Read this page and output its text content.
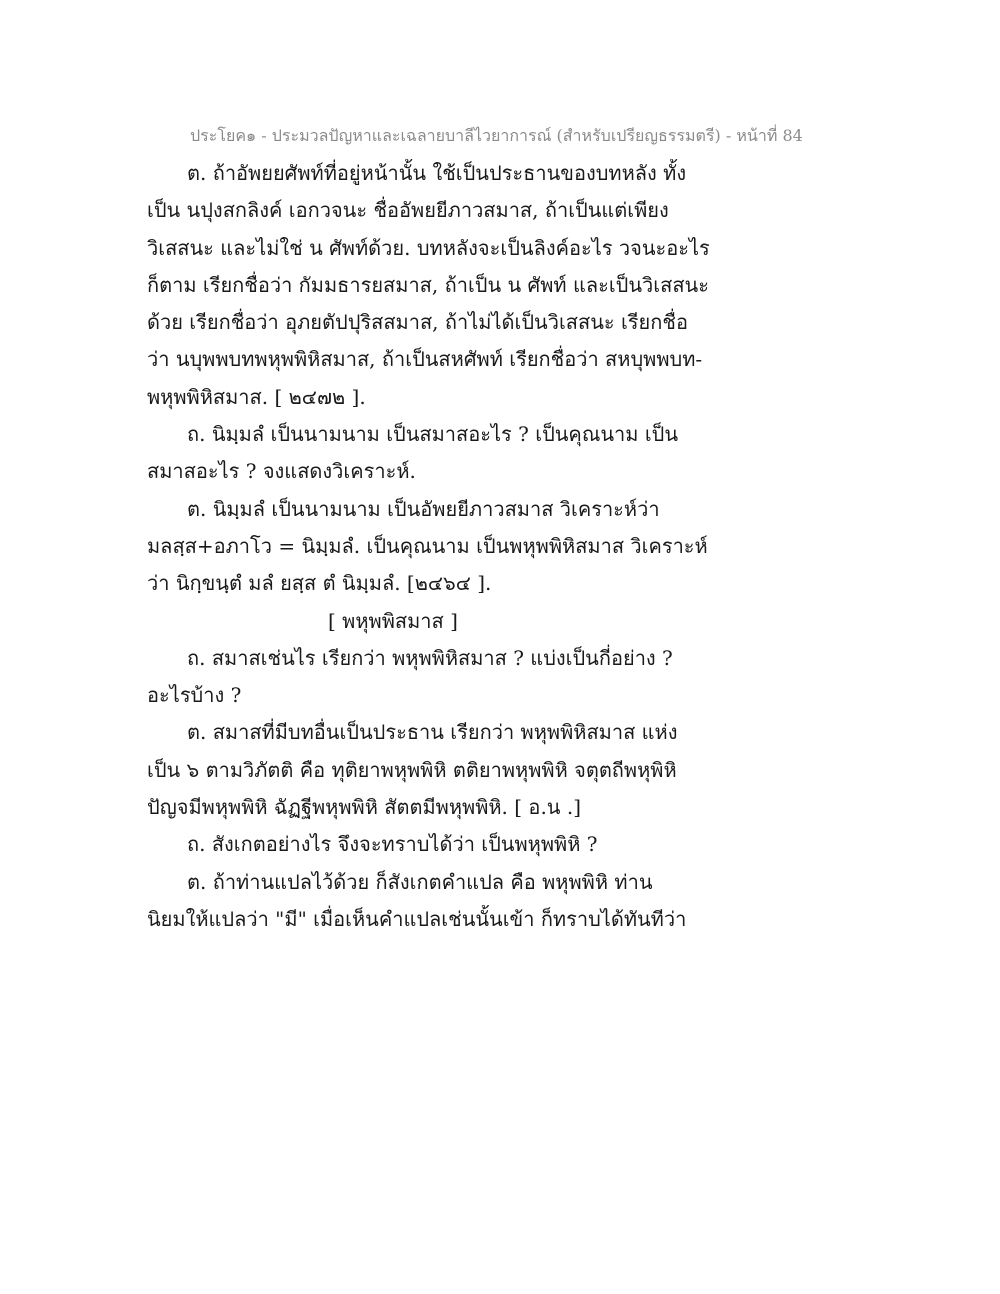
ประโยค๑ - ประมวลปัญหาและเฉลายบาลีไวยาการณ์ (สำหรับเปรียญธรรมตรี) - หน้าที่ 84
ต. ถ้าอัพยยศัพท์ที่อยู่หน้านั้น ใช้เป็นประธานของบทหลัง ทั้ง
เป็น นปุงสกลิงค์ เอกวจนะ ชื่ออัพยยีภาวสมาส, ถ้าเป็นแต่เพียง
วิเสสนะ และไม่ใช่ น ศัพท์ด้วย. บทหลังจะเป็นลิงค์อะไร วจนะอะไร
ก็ตาม เรียกชื่อว่า กัมมธารยสมาส, ถ้าเป็น น ศัพท์ และเป็นวิเสสนะ
ด้วย เรียกชื่อว่า อุภยตัปปุริสสมาส, ถ้าไม่ได้เป็นวิเสสนะ เรียกชื่อ
ว่า นบุพพบทพหุพพิหิสมาส, ถ้าเป็นสหศัพท์ เรียกชื่อว่า สหบุพพบท-
พหุพพิหิสมาส. [ ๒๔๗๒ ].
ถ. นิมฺมลํ เป็นนามนาม เป็นสมาสอะไร ? เป็นคุณนาม เป็น
สมาสอะไร ? จงแสดงวิเคราะห์.
ต. นิมฺมลํ เป็นนามนาม เป็นอัพยยีภาวสมาส วิเคราะห์ว่า
มลสฺส+อภาโว = นิมฺมลํ. เป็นคุณนาม เป็นพหุพพิหิสมาส วิเคราะห์
ว่า นิกฺขนฺตํ มลํ ยสฺส ตํ นิมฺมลํ. [๒๔๖๔ ].
[ พหุพพิสมาส ]
ถ. สมาสเช่นไร เรียกว่า พหุพพิหิสมาส ? แบ่งเป็นกี่อย่าง ?
อะไรบ้าง ?
ต. สมาสที่มีบทอื่นเป็นประธาน เรียกว่า พหุพพิหิสมาส แห่ง
เป็น ๖ ตามวิภัตติ คือ ทุติยาพหุพพิหิ ตติยาพหุพพิหิ จตุตถีพหุพิหิ
ปัญจมีพหุพพิหิ ฉัฏฐีพหุพพิหิ สัตตมีพหุพพิหิ. [ อ.น .]
ถ. สังเกตอย่างไร จึงจะทราบได้ว่า เป็นพหุพพิหิ ?
ต. ถ้าท่านแปลไว้ด้วย ก็สังเกตคำแปล คือ พหุพพิหิ ท่าน
นิยมให้แปลว่า "มี" เมื่อเห็นคำแปลเช่นนั้นเข้า ก็ทราบได้ทันทีว่า
